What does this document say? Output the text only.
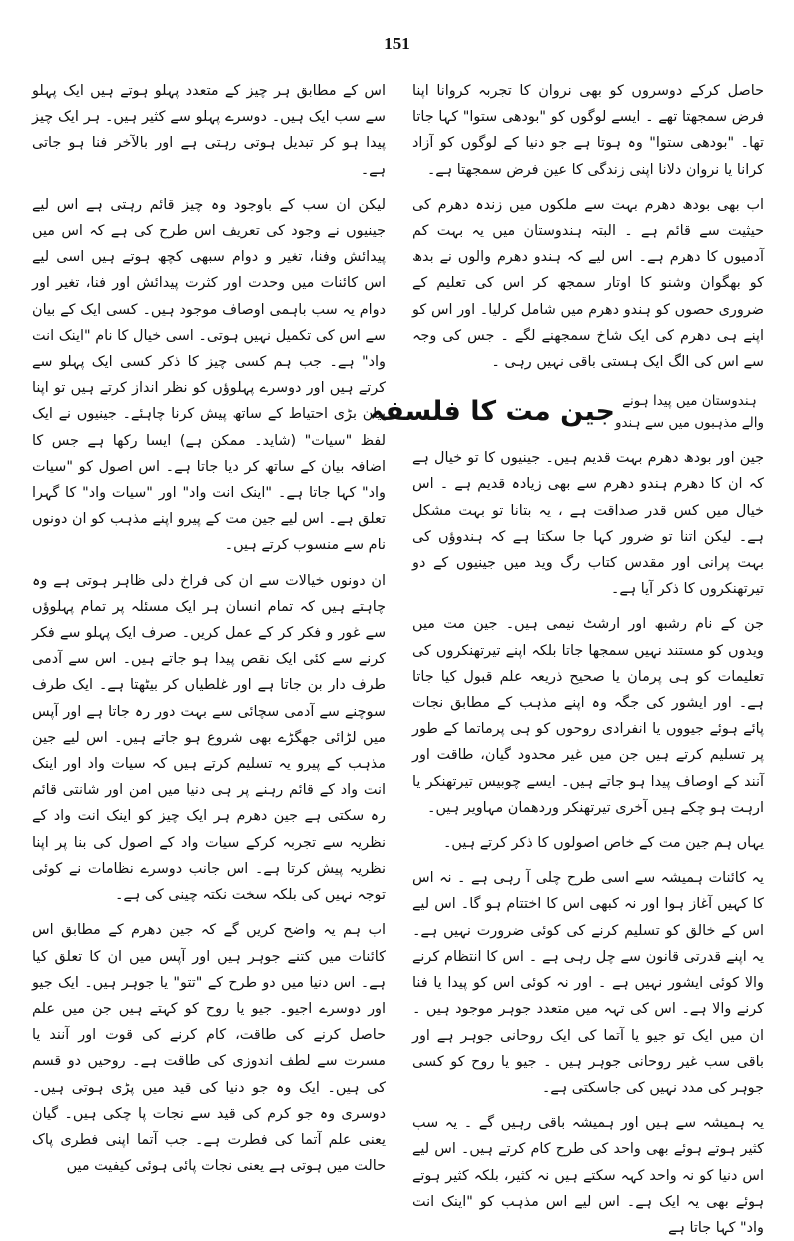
151

حاصل کرکے دوسروں کو بھی نروان کا تجربہ کروانا اپنا فرض سمجھتا تھے ۔ ایسے لوگوں کو "بودھی ستوا" کہا جاتا تھا۔ "بودھی ستوا" وہ ہوتا ہے جو دنیا کے لوگوں کو آزاد کرانا یا نروان دلانا اپنی زندگی کا عین فرض سمجھتا ہے۔

اب بھی بودھ دھرم بہت سے ملکوں میں زندہ دھرم کی حیثیت سے قائم ہے ۔ البتہ ہندوستان میں یہ بہت کم آدمیوں کا دھرم ہے۔ اس لیے کہ ہندو دھرم والوں نے بدھ کو بھگوان وشنو کا اوتار سمجھ کر اس کی تعلیم کے ضروری حصوں کو ہندو دھرم میں شامل کرلیا۔ اور اس کو اپنے ہی دھرم کی ایک شاخ سمجھنے لگے ۔ جس کی وجہ سے اس کی الگ ایک ہستی باقی نہیں رہی ۔

ہندوستان میں پیدا ہونے
والے مذہبوں میں سے ہندو
جین مت کا فلسفہ

جین اور بودھ دھرم بہت قدیم ہیں۔ جینیوں کا تو خیال ہے کہ ان کا دھرم ہندو دھرم سے بھی زیادہ قدیم ہے ۔ اس خیال میں کس قدر صداقت ہے ، یہ بتانا تو بہت مشکل ہے۔ لیکن اتنا تو ضرور کہا جا سکتا ہے کہ ہندوؤں کی بہت پرانی اور مقدس کتاب رگ وید میں جینیوں کے دو تیرتھنکروں کا ذکر آیا ہے۔

جن کے نام رشبھ اور ارشٹ نیمی ہیں۔ جین مت میں ویدوں کو مستند نہیں سمجھا جاتا بلکہ اپنے تیرتھنکروں کی تعلیمات کو ہی پرمان یا صحیح ذریعہ علم قبول کیا جاتا ہے۔ اور ایشور کی جگہ وہ اپنے مذہب کے مطابق نجات پائے ہوئے جیووں یا انفرادی روحوں کو ہی پرماتما کے طور پر تسلیم کرتے ہیں جن میں غیر محدود گیان، طاقت اور آنند کے اوصاف پیدا ہو جاتے ہیں۔ ایسے چوبیس تیرتھنکر یا ارہت ہو چکے ہیں آخری تیرتھنکر وردھمان مہاویر ہیں۔

یہاں ہم جین مت کے خاص اصولوں کا ذکر کرتے ہیں۔

یہ کائنات ہمیشہ سے اسی طرح چلی آ رہی ہے ۔ نہ اس کا کہیں آغاز ہوا اور نہ کبھی اس کا اختتام ہو گا۔ اس لیے اس کے خالق کو تسلیم کرنے کی کوئی ضرورت نہیں ہے۔ یہ اپنے قدرتی قانون سے چل رہی ہے ۔ اس کا انتظام کرنے والا کوئی ایشور نہیں ہے ۔ اور نہ کوئی اس کو پیدا یا فنا کرنے والا ہے۔ اس کی تہہ میں متعدد جوہر موجود ہیں ۔ ان میں ایک تو جیو یا آتما کی ایک روحانی جوہر ہے اور باقی سب غیر روحانی جوہر ہیں ۔ جیو یا روح کو کسی جوہر کی مدد نہیں کی جاسکتی ہے۔

یہ ہمیشہ سے ہیں اور ہمیشہ باقی رہیں گے ۔ یہ سب کثیر ہوتے ہوئے بھی واحد کی طرح کام کرتے ہیں۔ اس لیے اس دنیا کو نہ واحد کہہ سکتے ہیں نہ کثیر، بلکہ کثیر ہوتے ہوئے بھی یہ ایک ہے۔ اس لیے اس مذہب کو "اینک انت واد" کہا جاتا ہے

اس کے مطابق ہر چیز کے متعدد پہلو ہوتے ہیں ایک پہلو سے سب ایک ہیں۔ دوسرے پہلو سے کثیر ہیں۔ ہر ایک چیز پیدا ہو کر تبدیل ہوتی رہتی ہے اور بالآخر فنا ہو جاتی ہے۔

لیکن ان سب کے باوجود وہ چیز قائم رہتی ہے اس لیے جینیوں نے وجود کی تعریف اس طرح کی ہے کہ اس میں پیدائش وفنا، تغیر و دوام سبھی کچھ ہوتے ہیں اسی لیے اس کائنات میں وحدت اور کثرت پیدائش اور فنا، تغیر اور دوام یہ سب باہمی اوصاف موجود ہیں۔ کسی ایک کے بیان سے اس کی تکمیل نہیں ہوتی۔ اسی خیال کا نام "اینک انت واد" ہے۔ جب ہم کسی چیز کا ذکر کسی ایک پہلو سے کرتے ہیں اور دوسرے پہلوؤں کو نظر انداز کرتے ہیں تو اپنا بیان بڑی احتیاط کے ساتھ پیش کرنا چاہئے۔ جینیوں نے ایک لفظ "سیات" (شاید۔ ممکن ہے) ایسا رکھا ہے جس کا اضافہ بیان کے ساتھ کر دیا جاتا ہے۔ اس اصول کو "سیات واد" کہا جاتا ہے۔ "اینک انت واد" اور "سیات واد" کا گہرا تعلق ہے۔ اس لیے جین مت کے پیرو اپنے مذہب کو ان دونوں نام سے منسوب کرتے ہیں۔

ان دونوں خیالات سے ان کی فراخ دلی ظاہر ہوتی ہے وہ چاہتے ہیں کہ تمام انسان ہر ایک مسئلہ پر تمام پہلوؤں سے غور و فکر کر کے عمل کریں۔ صرف ایک پہلو سے فکر کرنے سے کئی ایک نقص پیدا ہو جاتے ہیں۔ اس سے آدمی طرف دار بن جاتا ہے اور غلطیاں کر بیٹھتا ہے۔ ایک طرف سوچنے سے آدمی سچائی سے بہت دور رہ جاتا ہے اور آپس میں لڑائی جھگڑے بھی شروع ہو جاتے ہیں۔ اس لیے جین مذہب کے پیرو یہ تسلیم کرتے ہیں کہ سیات واد اور اینک انت واد کے قائم رہنے پر ہی دنیا میں امن اور شانتی قائم رہ سکتی ہے جین دھرم ہر ایک چیز کو اینک انت واد کے نظریہ سے تجربہ کرکے سیات واد کے اصول کی بنا پر اپنا نظریہ پیش کرتا ہے۔ اس جانب دوسرے نظامات نے کوئی توجہ نہیں کی بلکہ سخت نکتہ چینی کی ہے۔

اب ہم یہ واضح کریں گے کہ جین دھرم کے مطابق اس کائنات میں کتنے جوہر ہیں اور آپس میں ان کا تعلق کیا ہے۔ اس دنیا میں دو طرح کے "تتو" یا جوہر ہیں۔ ایک جیو اور دوسرے اجیو۔ جیو یا روح کو کہتے ہیں جن میں علم حاصل کرنے کی طاقت، کام کرنے کی قوت اور آنند یا مسرت سے لطف اندوزی کی طاقت ہے۔ روحیں دو قسم کی ہیں۔ ایک وہ جو دنیا کی قید میں پڑی ہوتی ہیں۔ دوسری وہ جو کرم کی قید سے نجات پا چکی ہیں۔ گیان یعنی علم آتما کی فطرت ہے۔ جب آتما اپنی فطری پاک حالت میں ہوتی ہے یعنی نجات پائی ہوئی کیفیت میں
